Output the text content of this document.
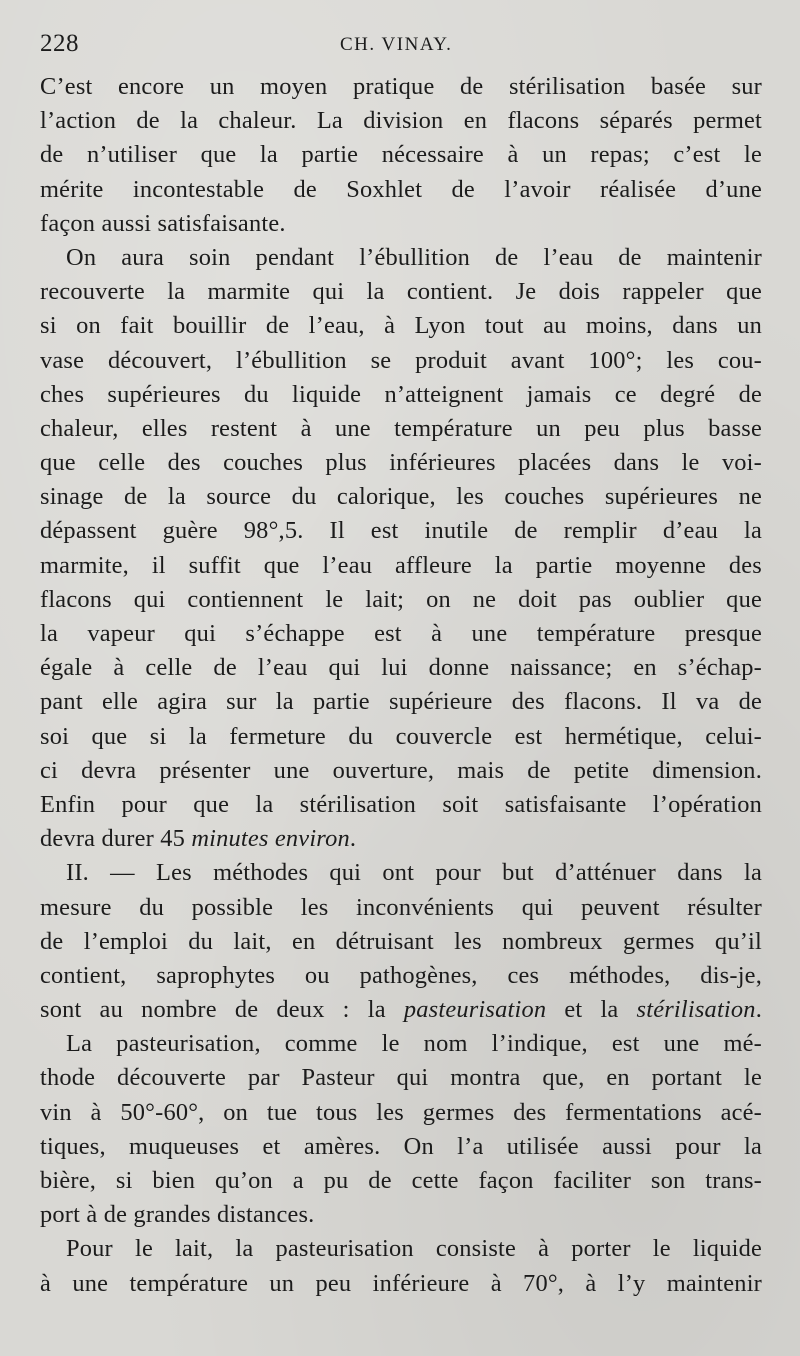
228	CH. VINAY.
C’est encore un moyen pratique de stérilisation basée sur
l’action de la chaleur. La division en flacons séparés permet
de n’utiliser que la partie nécessaire à un repas; c’est le
mérite incontestable de Soxhlet de l’avoir réalisée d’une
façon aussi satisfaisante.
On aura soin pendant l’ébullition de l’eau de maintenir
recouverte la marmite qui la contient. Je dois rappeler que
si on fait bouillir de l’eau, à Lyon tout au moins, dans un
vase découvert, l’ébullition se produit avant 100°; les cou-
ches supérieures du liquide n’atteignent jamais ce degré de
chaleur, elles restent à une température un peu plus basse
que celle des couches plus inférieures placées dans le voi-
sinage de la source du calorique, les couches supérieures ne
dépassent guère 98°,5. Il est inutile de remplir d’eau la
marmite, il suffit que l’eau affleure la partie moyenne des
flacons qui contiennent le lait; on ne doit pas oublier que
la vapeur qui s’échappe est à une température presque
égale à celle de l’eau qui lui donne naissance; en s’échap-
pant elle agira sur la partie supérieure des flacons. Il va de
soi que si la fermeture du couvercle est hermétique, celui-
ci devra présenter une ouverture, mais de petite dimension.
Enfin pour que la stérilisation soit satisfaisante l’opération
devra durer 45 minutes environ.
II. — Les méthodes qui ont pour but d’atténuer dans la
mesure du possible les inconvénients qui peuvent résulter
de l’emploi du lait, en détruisant les nombreux germes qu’il
contient, saprophytes ou pathogènes, ces méthodes, dis-je,
sont au nombre de deux : la pasteurisation et la stérilisation.
La pasteurisation, comme le nom l’indique, est une mé-
thode découverte par Pasteur qui montra que, en portant le
vin à 50°-60°, on tue tous les germes des fermentations acé-
tiques, muqueuses et amères. On l’a utilisée aussi pour la
bière, si bien qu’on a pu de cette façon faciliter son trans-
port à de grandes distances.
Pour le lait, la pasteurisation consiste à porter le liquide
à une température un peu inférieure à 70°, à l’y maintenir
